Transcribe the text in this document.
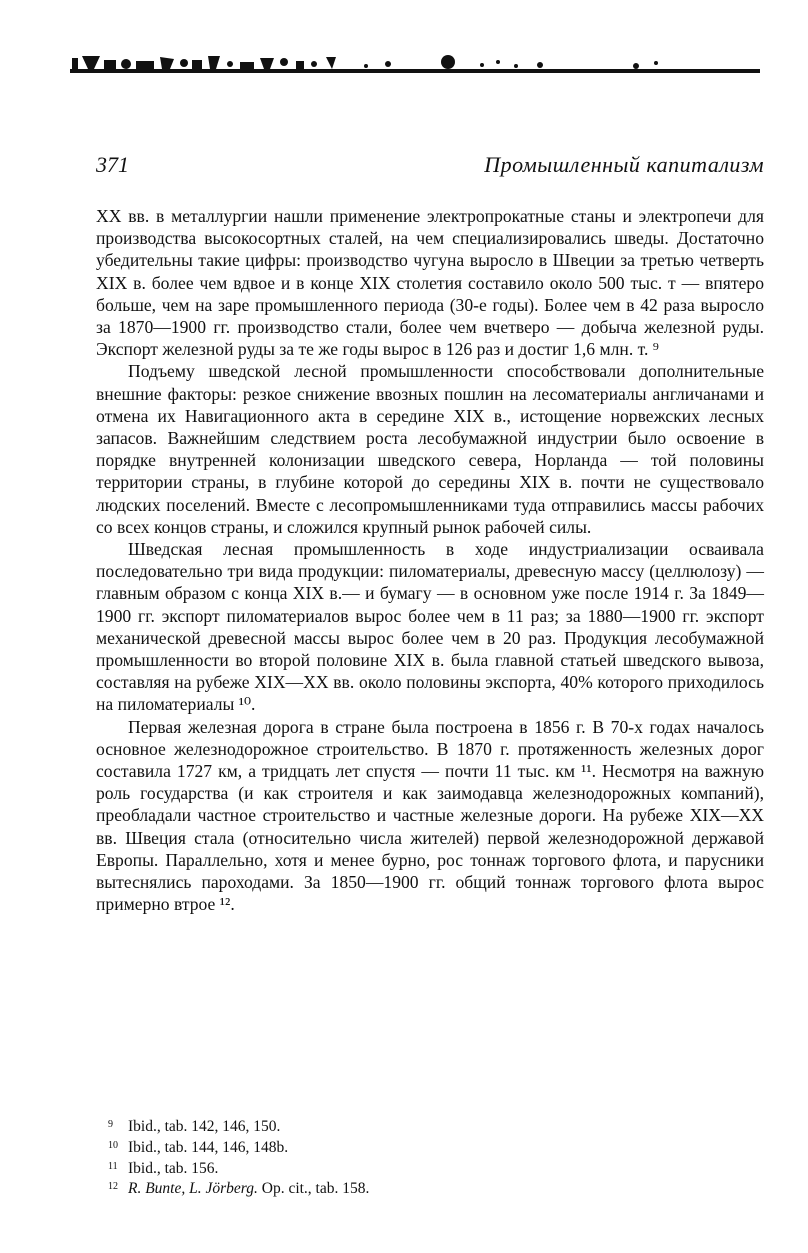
371	Промышленный капитализм

XX вв. в металлургии нашли применение электропрокатные станы и электропечи для производства высокосортных сталей, на чем специализировались шведы. Достаточно убедительны такие цифры: производство чугуна выросло в Швеции за третью четверть XIX в. более чем вдвое и в конце XIX столетия составило около 500 тыс. т — впятеро больше, чем на заре промышленного периода (30-е годы). Более чем в 42 раза выросло за 1870—1900 гг. производство стали, более чем вчетверо — добыча железной руды. Экспорт железной руды за те же годы вырос в 126 раз и достиг 1,6 млн. т. ⁹

Подъему шведской лесной промышленности способствовали дополнительные внешние факторы: резкое снижение ввозных пошлин на лесоматериалы англичанами и отмена их Навигационного акта в середине XIX в., истощение норвежских лесных запасов. Важнейшим следствием роста лесобумажной индустрии было освоение в порядке внутренней колонизации шведского севера, Норланда — той половины территории страны, в глубине которой до середины XIX в. почти не существовало людских поселений. Вместе с лесопромышленниками туда отправились массы рабочих со всех концов страны, и сложился крупный рынок рабочей силы.

Шведская лесная промышленность в ходе индустриализации осваивала последовательно три вида продукции: пиломатериалы, древесную массу (целлюлозу) — главным образом с конца XIX в.— и бумагу — в основном уже после 1914 г. За 1849—1900 гг. экспорт пиломатериалов вырос более чем в 11 раз; за 1880—1900 гг. экспорт механической древесной массы вырос более чем в 20 раз. Продукция лесобумажной промышленности во второй половине XIX в. была главной статьей шведского вывоза, составляя на рубеже XIX—XX вв. около половины экспорта, 40% которого приходилось на пиломатериалы ¹⁰.

Первая железная дорога в стране была построена в 1856 г. В 70-х годах началось основное железнодорожное строительство. В 1870 г. протяженность железных дорог составила 1727 км, а тридцать лет спустя — почти 11 тыс. км ¹¹. Несмотря на важную роль государства (и как строителя и как заимодавца железнодорожных компаний), преобладали частное строительство и частные железные дороги. На рубеже XIX—XX вв. Швеция стала (относительно числа жителей) первой железнодорожной державой Европы. Параллельно, хотя и менее бурно, рос тоннаж торгового флота, и парусники вытеснялись пароходами. За 1850—1900 гг. общий тоннаж торгового флота вырос примерно втрое ¹².

9 Ibid., tab. 142, 146, 150.

10 Ibid., tab. 144, 146, 148b.

11 Ibid., tab. 156.

12 R. Bunte, L. Jörberg. Op. cit., tab. 158.
